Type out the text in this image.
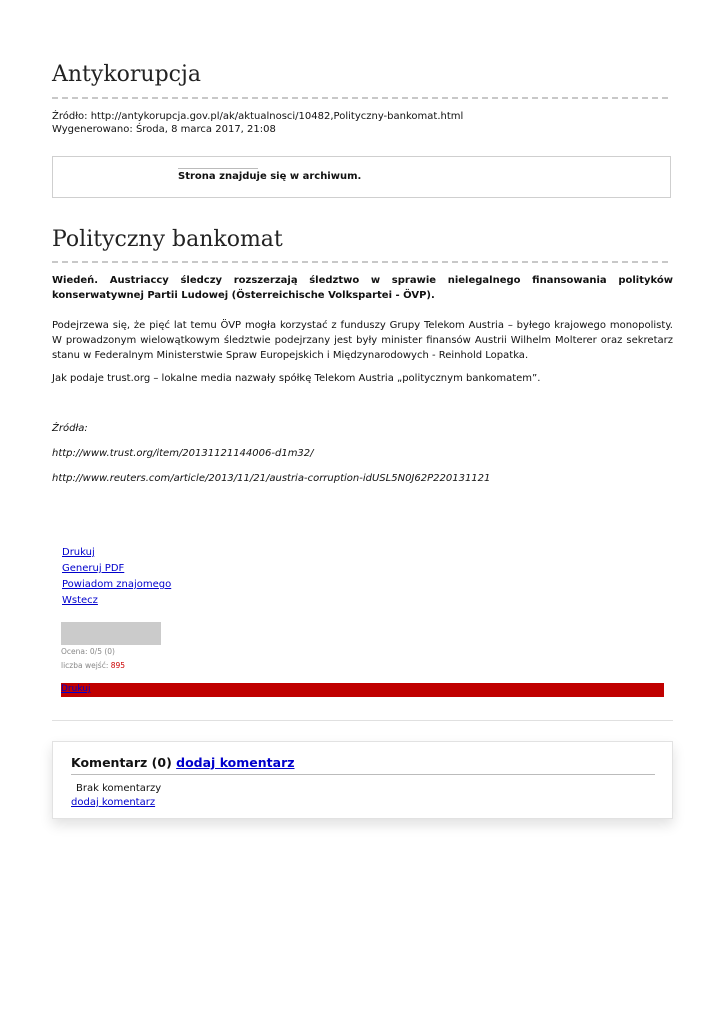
Antykorupcja
Źródło: http://antykorupcja.gov.pl/ak/aktualnosci/10482,Polityczny-bankomat.html
Wygenerowano: Środa, 8 marca 2017, 21:08
Strona znajduje się w archiwum.
Polityczny bankomat
Wiedeń. Austriaccy śledczy rozszerzają śledztwo w sprawie nielegalnego finansowania polityków konserwatywnej Partii Ludowej (Österreichische Volkspartei - ÖVP).
Podejrzewa się, że pięć lat temu ÖVP mogła korzystać z funduszy Grupy Telekom Austria – byłego krajowego monopolisty. W prowadzonym wielowątkowym śledztwie podejrzany jest były minister finansów Austrii Wilhelm Molterer oraz sekretarz stanu w Federalnym Ministerstwie Spraw Europejskich i Międzynarodowych - Reinhold Lopatka.
Jak podaje trust.org – lokalne media nazwały spółkę Telekom Austria „politycznym bankomatem”.
Źródła:
http://www.trust.org/item/20131121144006-d1m32/
http://www.reuters.com/article/2013/11/21/austria-corruption-idUSL5N0J62P220131121
Drukuj
Generuj PDF
Powiadom znajomego
Wstecz
Ocena: 0/5 (0)
liczba wejść: 895
Drukuj
Komentarz (0) dodaj komentarz
Brak komentarzy
dodaj komentarz
